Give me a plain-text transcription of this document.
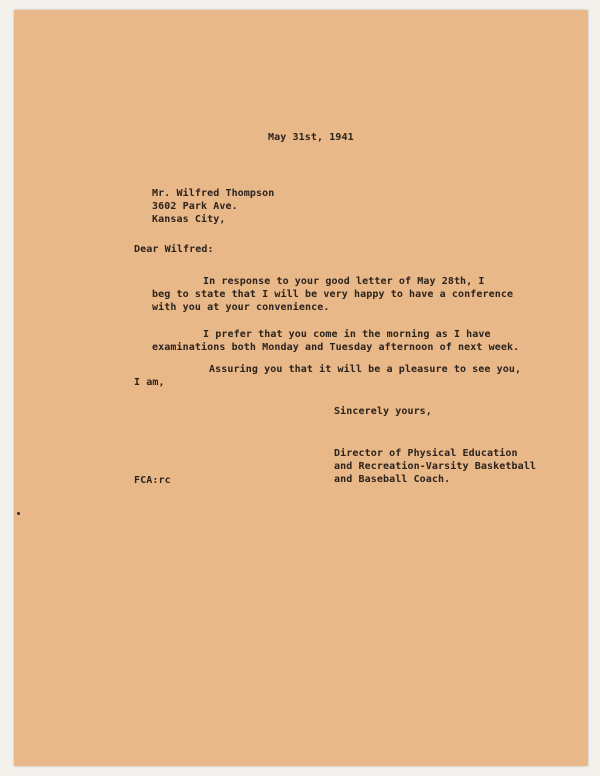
May 31st, 1941
Mr. Wilfred Thompson
3602 Park Ave.
Kansas City,
Dear Wilfred:
In response to your good letter of May 28th, I
beg to state that I will be very happy to have a conference
with you at your convenience.
I prefer that you come in the morning as I have
examinations both Monday and Tuesday afternoon of next week.
Assuring you that it will be a pleasure to see you,
I am,
Sincerely yours,
Director of Physical Education
and Recreation-Varsity Basketball
and Baseball Coach.
FCA:rc
